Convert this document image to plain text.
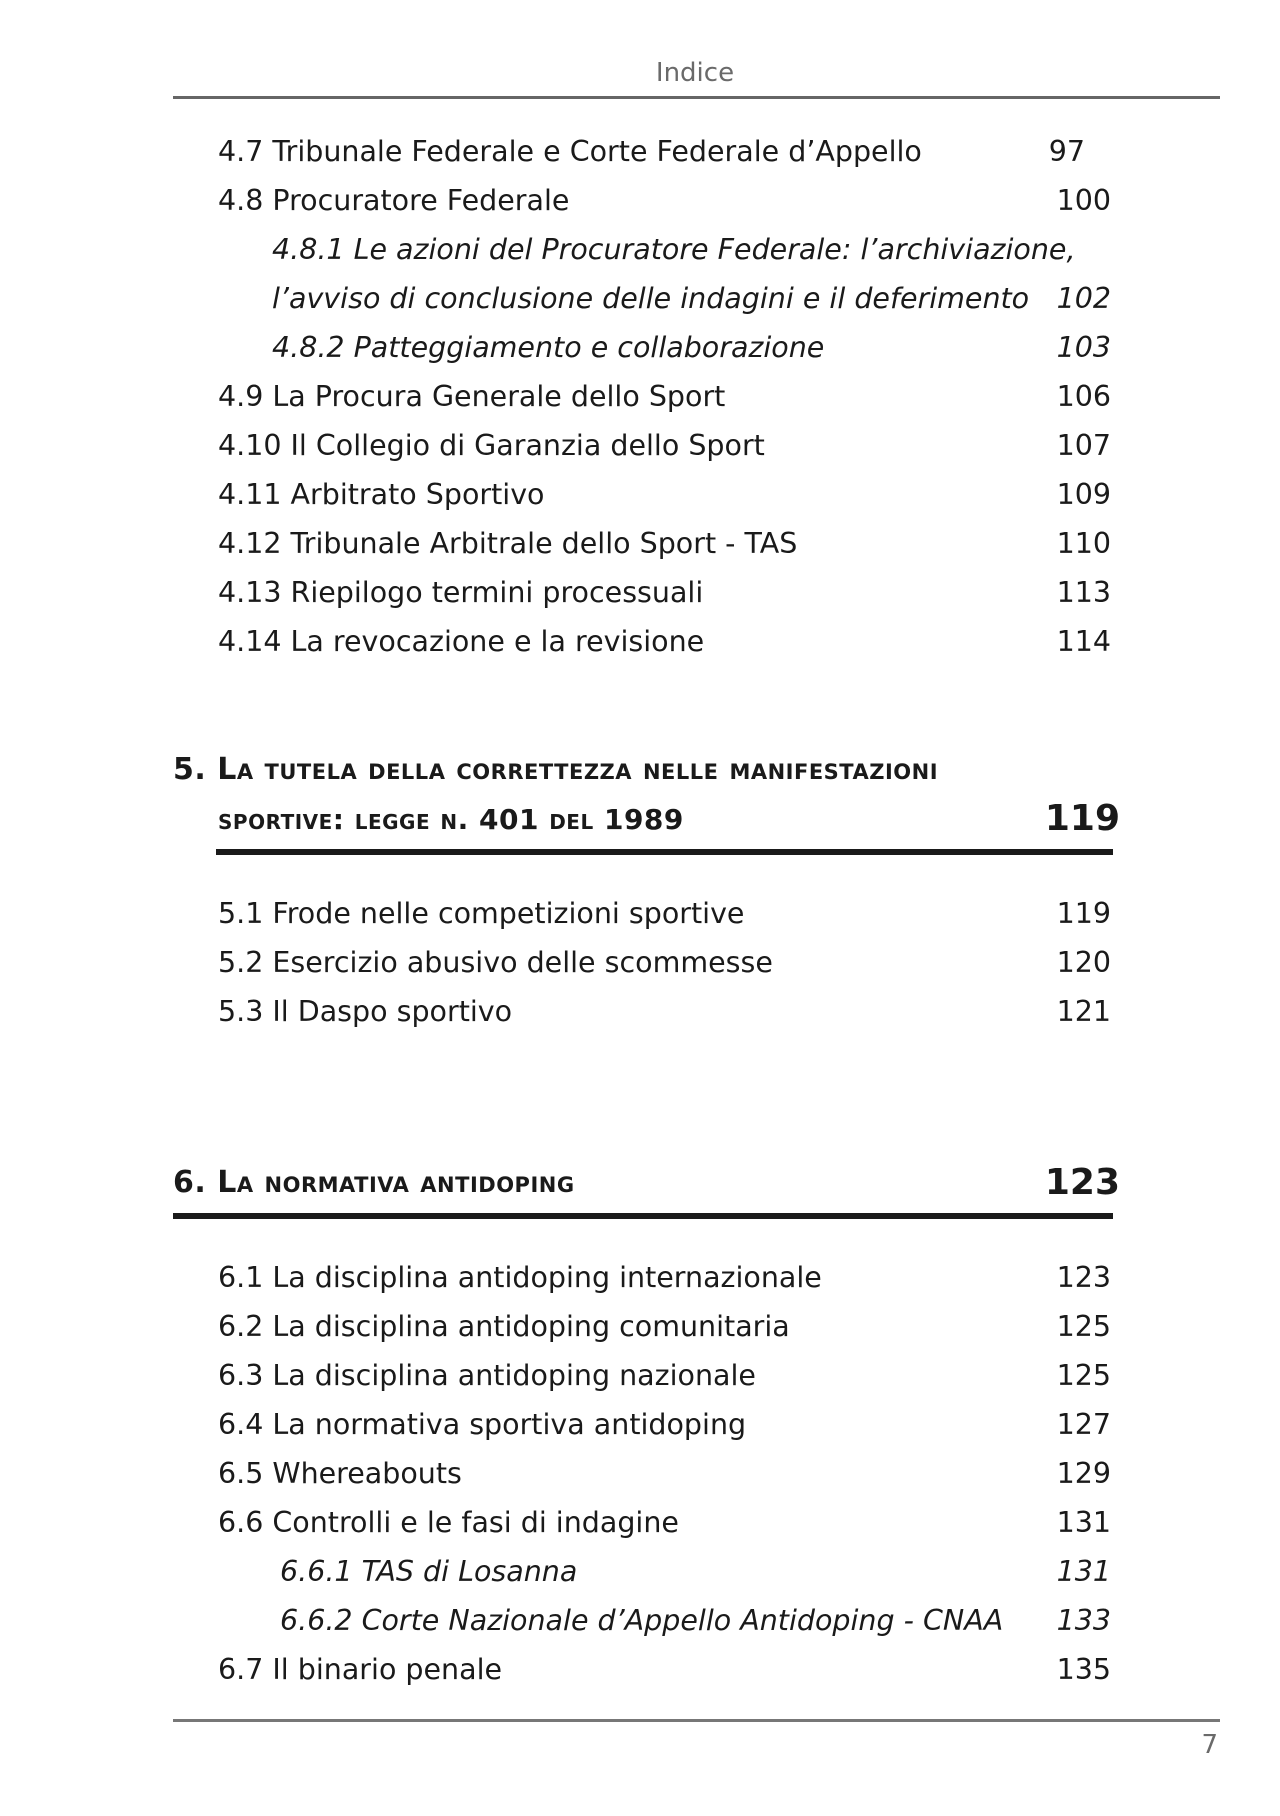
Indice
4.7 Tribunale Federale e Corte Federale d’Appello	97
4.8 Procuratore Federale	100
4.8.1 Le azioni del Procuratore Federale: l’archiviazione,
l’avviso di conclusione delle indagini e il deferimento 102
4.8.2 Patteggiamento e collaborazione	103
4.9 La Procura Generale dello Sport	106
4.10 Il Collegio di Garanzia dello Sport	107
4.11 Arbitrato Sportivo	109
4.12 Tribunale Arbitrale dello Sport - TAS	110
4.13 Riepilogo termini processuali	113
4.14 La revocazione e la revisione	114
5. La tutela della correttezza nelle manifestazioni
sportive: legge n. 401 del 1989	119
5.1 Frode nelle competizioni sportive	119
5.2 Esercizio abusivo delle scommesse	120
5.3 Il Daspo sportivo	121
6. La normativa antidoping	123
6.1 La disciplina antidoping internazionale	123
6.2 La disciplina antidoping comunitaria	125
6.3 La disciplina antidoping nazionale	125
6.4 La normativa sportiva antidoping	127
6.5 Whereabouts	129
6.6 Controlli e le fasi di indagine	131
6.6.1 TAS di Losanna	131
6.6.2 Corte Nazionale d’Appello Antidoping - CNAA 133
6.7 Il binario penale	135
7
